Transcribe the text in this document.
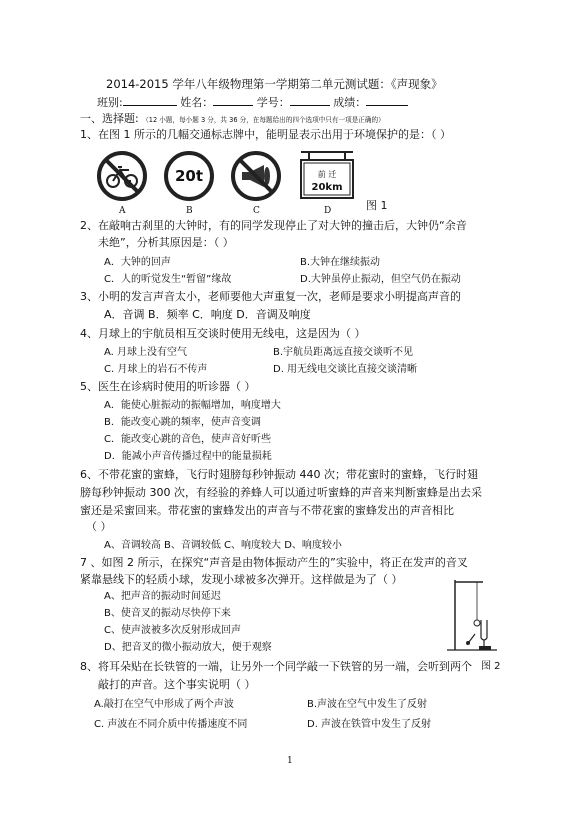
2014-2015 学年八年级物理第一学期第二单元测试题：《声现象》
班别:	姓名：	学号：	成绩：
一、选择题: （12 小题，每小题 3 分，共 36 分，在每题给出的四个选项中只有一项是正确的）
1、在图 1 所示的几幅交通标志牌中，能明显表示出用于环境保护的是：（ ）
20t	前 迁
20km
A	B	C	D	图 1
2、在敲响古刹里的大钟时，有的同学发现停止了对大钟的撞击后，大钟仍“余音
未绝”，分析其原因是：（ ）
A．大钟的回声	B.大钟在继续振动
C．人的听觉发生“暂留”缘故	D.大钟虽停止振动，但空气仍在振动
3、小明的发言声音太小，老师要他大声重复一次，老师是要求小明提高声音的
A．音调 B．频率 C．响度 D．音调及响度
4、月球上的宇航员相互交谈时使用无线电，这是因为（ ）
A. 月球上没有空气	B.宇航员距离远直接交谈听不见
C. 月球上的岩石不传声	D. 用无线电交谈比直接交谈清晰
5、医生在诊病时使用的听诊器（ ）
A．能使心脏振动的振幅增加，响度增大
B．能改变心跳的频率，使声音变调
C．能改变心跳的音色，使声音好听些
D．能减小声音传播过程中的能量损耗
6、不带花蜜的蜜蜂，飞行时翅膀每秒钟振动 440 次；带花蜜时的蜜蜂，飞行时翅
膀每秒钟振动 300 次，有经验的养蜂人可以通过听蜜蜂的声音来判断蜜蜂是出去采
蜜还是采蜜回来。带花蜜的蜜蜂发出的声音与不带花蜜的蜜蜂发出的声音相比
（ ）
A、音调较高 B、音调较低 C、响度较大 D、响度较小
7 、如图 2 所示，在探究“声音是由物体振动产生的”实验中，将正在发声的音叉
紧靠悬线下的轻质小球，发现小球被多次弹开。这样做是为了（ ）
A、把声音的振动时间延迟
B、使音叉的振动尽快停下来
C、使声波被多次反射形成回声
D、把音叉的微小振动放大，便于观察
图 2
8、将耳朵贴在长铁管的一端，让另外一个同学敲一下铁管的另一端，会听到两个
敲打的声音。这个事实说明（ ）
A.敲打在空气中形成了两个声波	B.声波在空气中发生了反射
C. 声波在不同介质中传播速度不同	D. 声波在铁管中发生了反射
1
